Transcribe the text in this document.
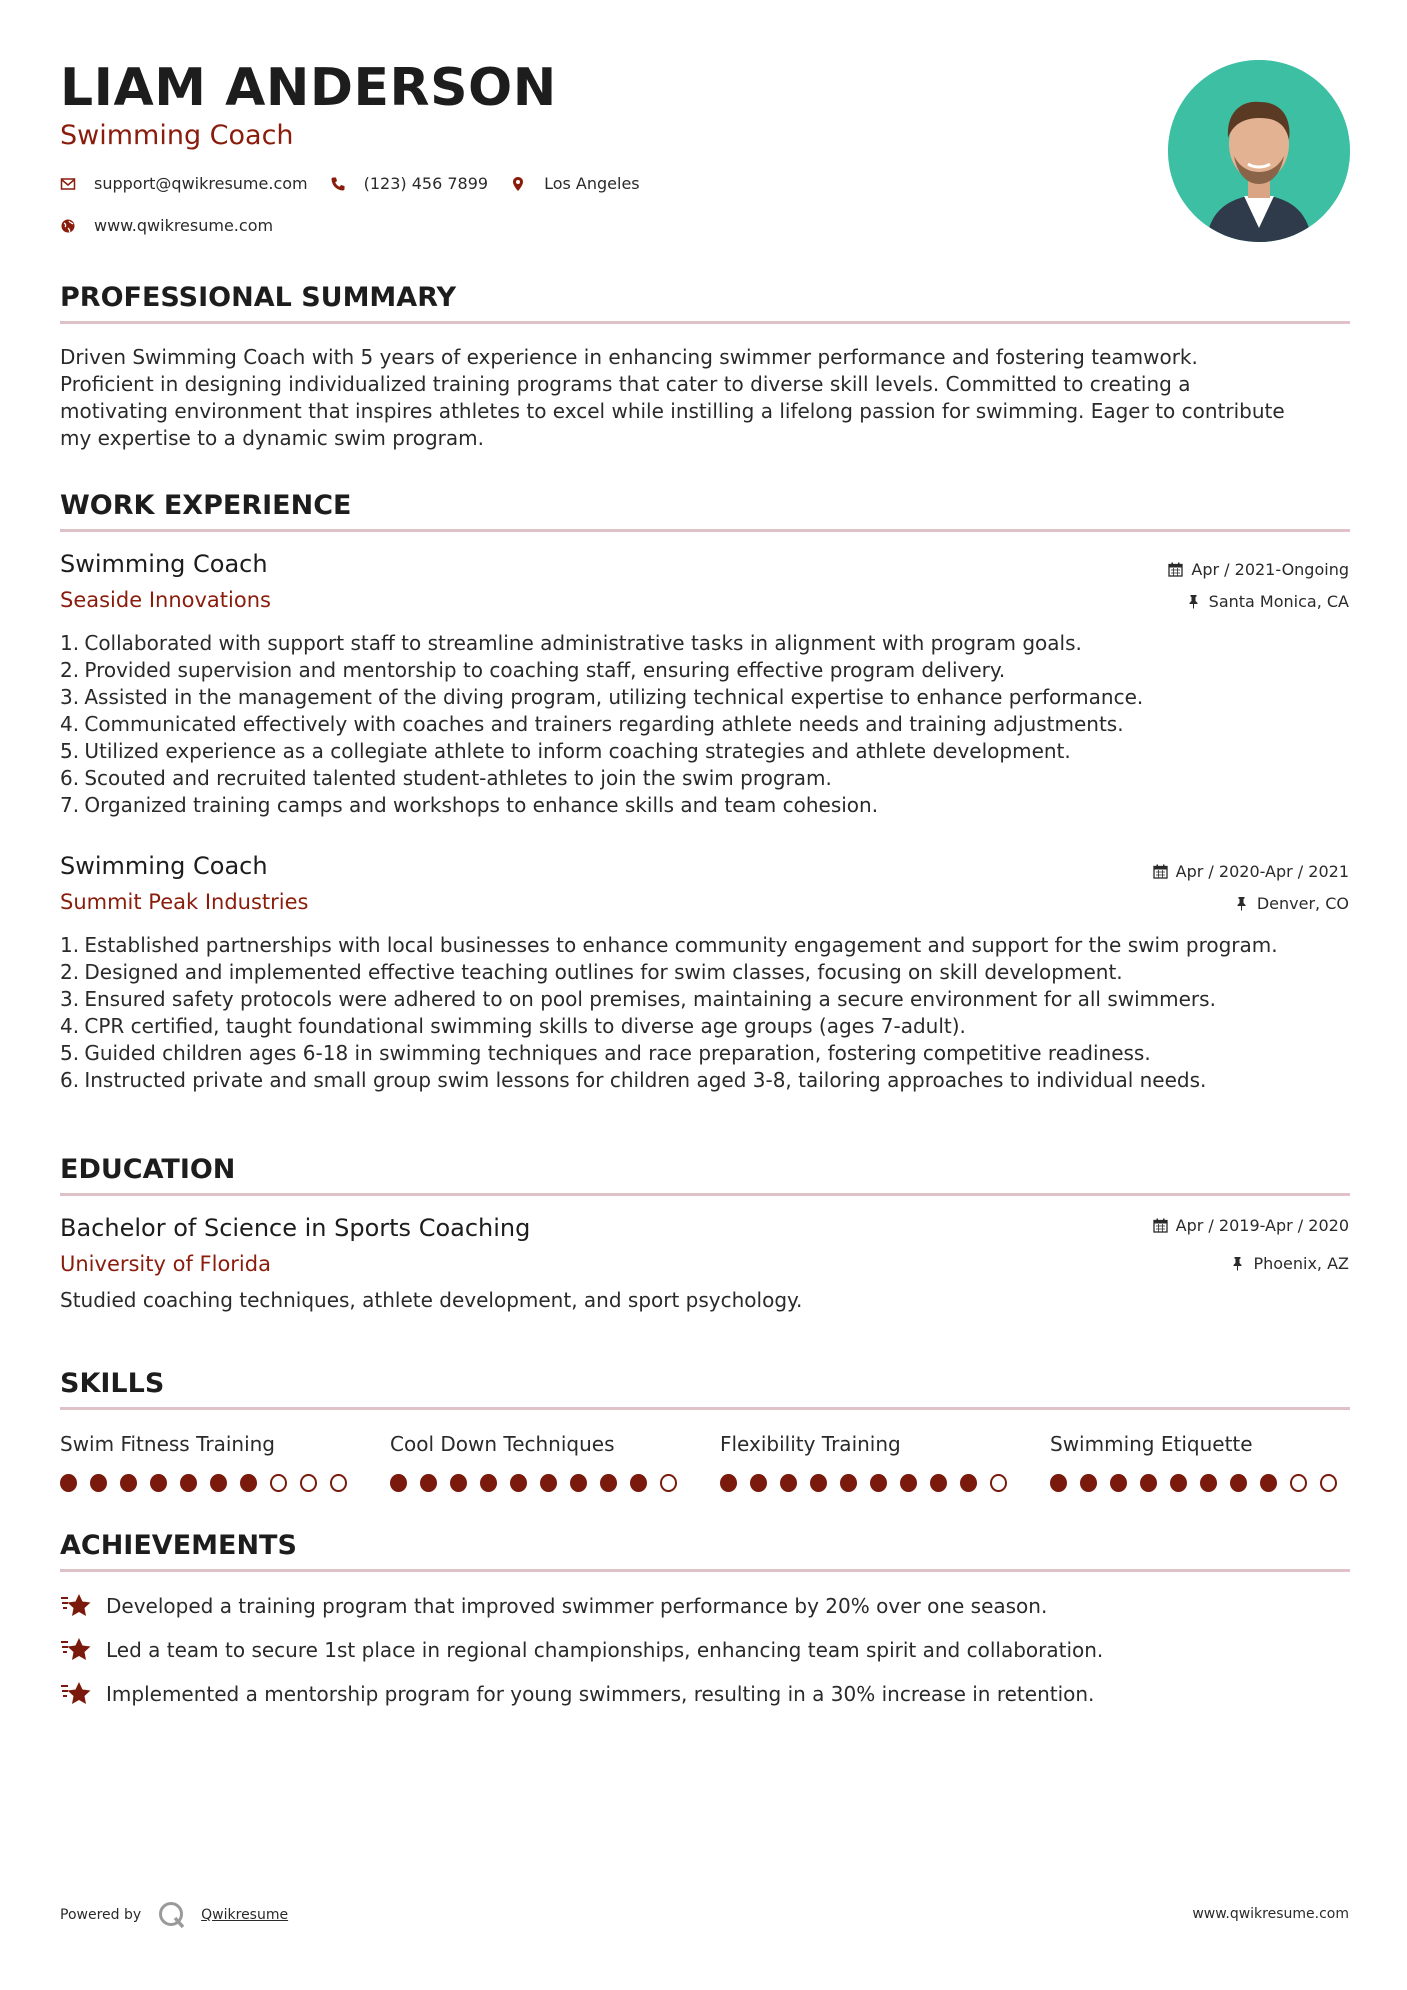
LIAM ANDERSON
Swimming Coach
support@qwikresume.com	(123) 456 7899	Los Angeles
www.qwikresume.com
PROFESSIONAL SUMMARY
Driven Swimming Coach with 5 years of experience in enhancing swimmer performance and fostering teamwork.
Proficient in designing individualized training programs that cater to diverse skill levels. Committed to creating a
motivating environment that inspires athletes to excel while instilling a lifelong passion for swimming. Eager to contribute
my expertise to a dynamic swim program.
WORK EXPERIENCE
Swimming Coach
Seaside Innovations
Apr / 2021-Ongoing
Santa Monica, CA
1.
Collaborated with support staff to streamline administrative tasks in alignment with program goals.
2.
Provided supervision and mentorship to coaching staff, ensuring effective program delivery.
3.
Assisted in the management of the diving program, utilizing technical expertise to enhance performance.
4.
Communicated effectively with coaches and trainers regarding athlete needs and training adjustments.
5.
Utilized experience as a collegiate athlete to inform coaching strategies and athlete development.
6.
Scouted and recruited talented student-athletes to join the swim program.
7.
Organized training camps and workshops to enhance skills and team cohesion.
Swimming Coach
Summit Peak Industries
Apr / 2020-Apr / 2021
Denver, CO
1.
Established partnerships with local businesses to enhance community engagement and support for the swim program.
2.
Designed and implemented effective teaching outlines for swim classes, focusing on skill development.
3.
Ensured safety protocols were adhered to on pool premises, maintaining a secure environment for all swimmers.
4.
CPR certified, taught foundational swimming skills to diverse age groups (ages 7-adult).
5.
Guided children ages 6-18 in swimming techniques and race preparation, fostering competitive readiness.
6.
Instructed private and small group swim lessons for children aged 3-8, tailoring approaches to individual needs.
EDUCATION
Bachelor of Science in Sports Coaching
University of Florida
Apr / 2019-Apr / 2020
Phoenix, AZ
Studied coaching techniques, athlete development, and sport psychology.
SKILLS
Swim Fitness Training	Cool Down Techniques	Flexibility Training	Swimming Etiquette
ACHIEVEMENTS
Developed a training program that improved swimmer performance by 20% over one season.
Led a team to secure 1st place in regional championships, enhancing team spirit and collaboration.
Implemented a mentorship program for young swimmers, resulting in a 30% increase in retention.
Powered by	Qwikresume	www.qwikresume.com
